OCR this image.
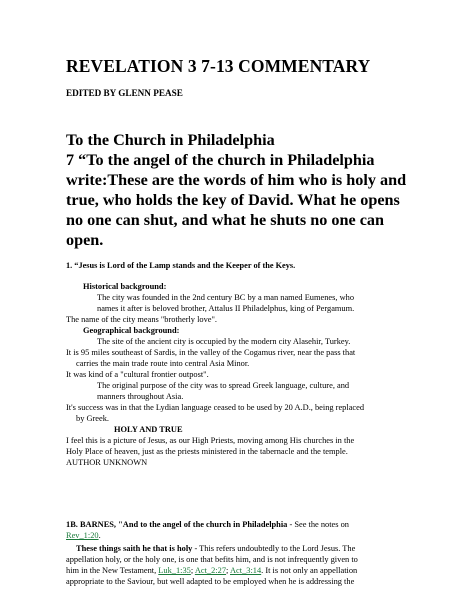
REVELATION 3 7-13 COMMENTARY
EDITED BY GLENN PEASE
To the Church in Philadelphia
7 “To the angel of the church in Philadelphia
write:These are the words of him who is holy and
true, who holds the key of David. What he opens
no one can shut, and what he shuts no one can
open.
1. “Jesus is Lord of the Lamp stands and the Keeper of the Keys.
Historical background:
The city was founded in the 2nd century BC by a man named Eumenes, who
names it after is beloved brother, Attalus II Philadelphus, king of Pergamum.
The name of the city means "brotherly love".
Geographical background:
The site of the ancient city is occupied by the modern city Alasehir, Turkey.
It is 95 miles southeast of Sardis, in the valley of the Cogamus river, near the pass that
carries the main trade route into central Asia Minor.
It was kind of a "cultural frontier outpost".
The original purpose of the city was to spread Greek language, culture, and
manners throughout Asia.
It's success was in that the Lydian language ceased to be used by 20 A.D., being replaced
by Greek.
HOLY AND TRUE
I feel this is a picture of Jesus, as our High Priests, moving among His churches in the
Holy Place of heaven, just as the priests ministered in the tabernacle and the temple.
AUTHOR UNKNOWN
1B. BARNES, "And to the angel of the church in Philadelphia - See the notes on
Rev_1:20.
These things saith he that is holy - This refers undoubtedly to the Lord Jesus. The
appellation holy, or the holy one, is one that befits him, and is not infrequently given to
him in the New Testament, Luk_1:35; Act_2:27; Act_3:14. It is not only an appellation
appropriate to the Saviour, but well adapted to be employed when he is addressing the
